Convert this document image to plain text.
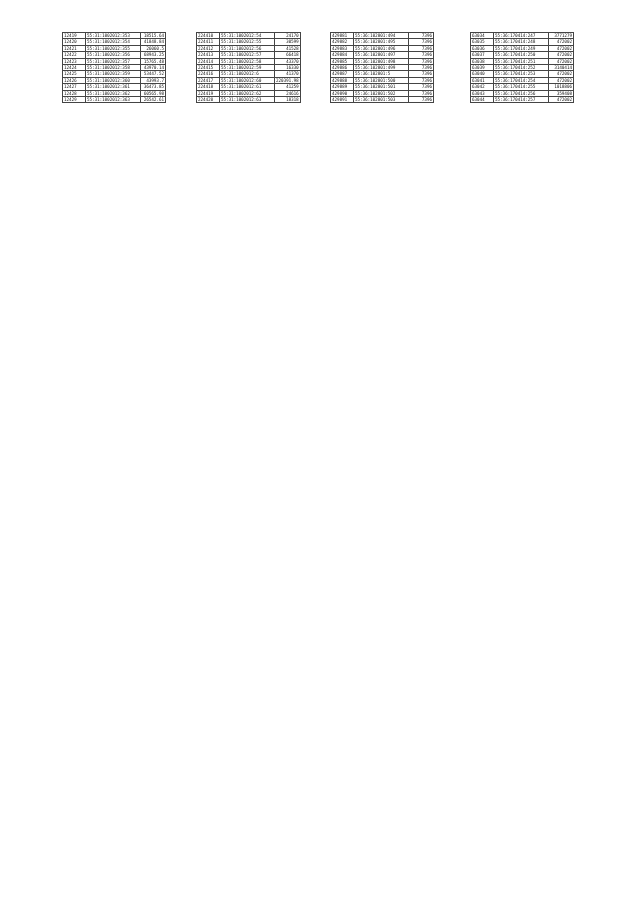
12419	55:31:1002012:353	18515.64
12420	55:31:1002012:354	41848.84
12421	55:31:1002012:355	26060.5
12422	55:31:1002012:356	68943.25
12423	55:31:1002012:357	15765.48
12424	55:31:1002012:358	43970.14
12425	55:31:1002012:359	53447.52
12426	55:31:1002012:360	43993.7
12427	55:31:1002012:361	36473.85
12428	55:31:1002012:362	60565.98
12429	55:31:1002012:363	26542.61
224410	55:31:1002012:54	24170
224411	55:31:1002012:55	30599
224412	55:31:1002012:56	41528
224413	55:31:1002012:57	66418
224414	55:31:1002012:58	43370
224415	55:31:1002012:59	16330
224416	55:31:1002012:6	41370
224417	55:31:1002012:60	220391.98
224418	55:31:1002012:61	41259
224419	55:31:1002012:62	24616
224420	55:31:1002012:63	18318
429881	55:36:102801:494	7396
429882	55:36:102801:495	7396
429883	55:36:102801:496	7396
429884	55:36:102801:497	7396
429885	55:36:102801:498	7396
429886	55:36:102801:499	7396
429887	55:36:102801:5	7396
429888	55:36:102801:500	7396
429889	55:36:102801:501	7396
429890	55:36:102801:502	7396
429891	55:36:102801:503	7396
63034	55:36:170414:247	3771279
63035	55:36:170414:248	472002
63036	55:36:170414:249	472002
63037	55:36:170414:250	472002
63038	55:36:170414:251	472002
63039	55:36:170414:252	3140414
63040	55:36:170414:253	472002
63041	55:36:170414:254	472002
63042	55:36:170414:255	1018806
63043	55:36:170414:256	359408
63044	55:36:170414:257	472002
